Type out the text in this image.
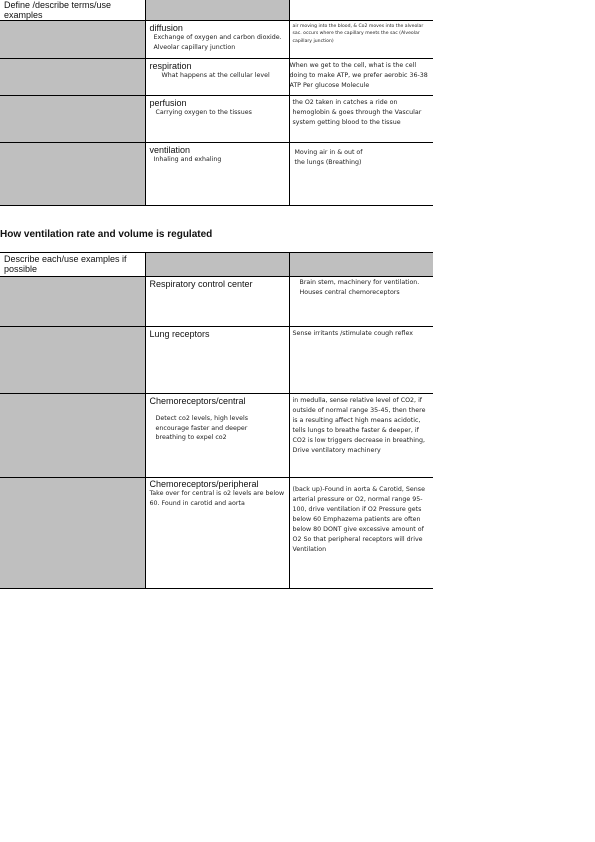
Define /describe terms/use examples		

	diffusion
Exchange of oxygen and carbon dioxide. Alveolar capillary junction	air moving into the blood, & Co2 moves into the alveolar sac. occurs where the capillary meets the sac (Alveolar capillary junction)

	respiration
What happens at the cellular level	When we get to the cell, what is the cell doing to make ATP, we prefer aerobic 36-38 ATP Per glucose Molecule

	perfusion
Carrying oxygen to the tissues	the O2 taken in catches a ride on hemoglobin & goes through the Vascular system getting blood to the tissue

	ventilation
Inhaling and exhaling	Moving air in & out of the lungs (Breathing)
How ventilation rate and volume is regulated
Describe each/use examples if possible		

	Respiratory control center	Brain stem, machinery for ventilation. Houses central chemoreceptors

	Lung receptors	Sense irritants /stimulate cough reflex

	Chemoreceptors/central
Detect co2 levels, high levels encourage faster and deeper breathing to expel co2	in medulla, sense relative level of CO2, if outside of normal range 35-45, then there is a resulting affect high means acidotic, tells lungs to breathe faster & deeper, if CO2 is low triggers decrease in breathing, Drive ventilatory machinery

	Chemoreceptors/peripheral
Take over for central is o2 levels are below 60. Found in carotid and aorta	(back up)-Found in aorta & Carotid, Sense arterial pressure or O2, normal range 95-100, drive ventilation if O2 Pressure gets below 60 Emphazema patients are often below 80 DONT give excessive amount of O2 So that peripheral receptors will drive Ventilation
